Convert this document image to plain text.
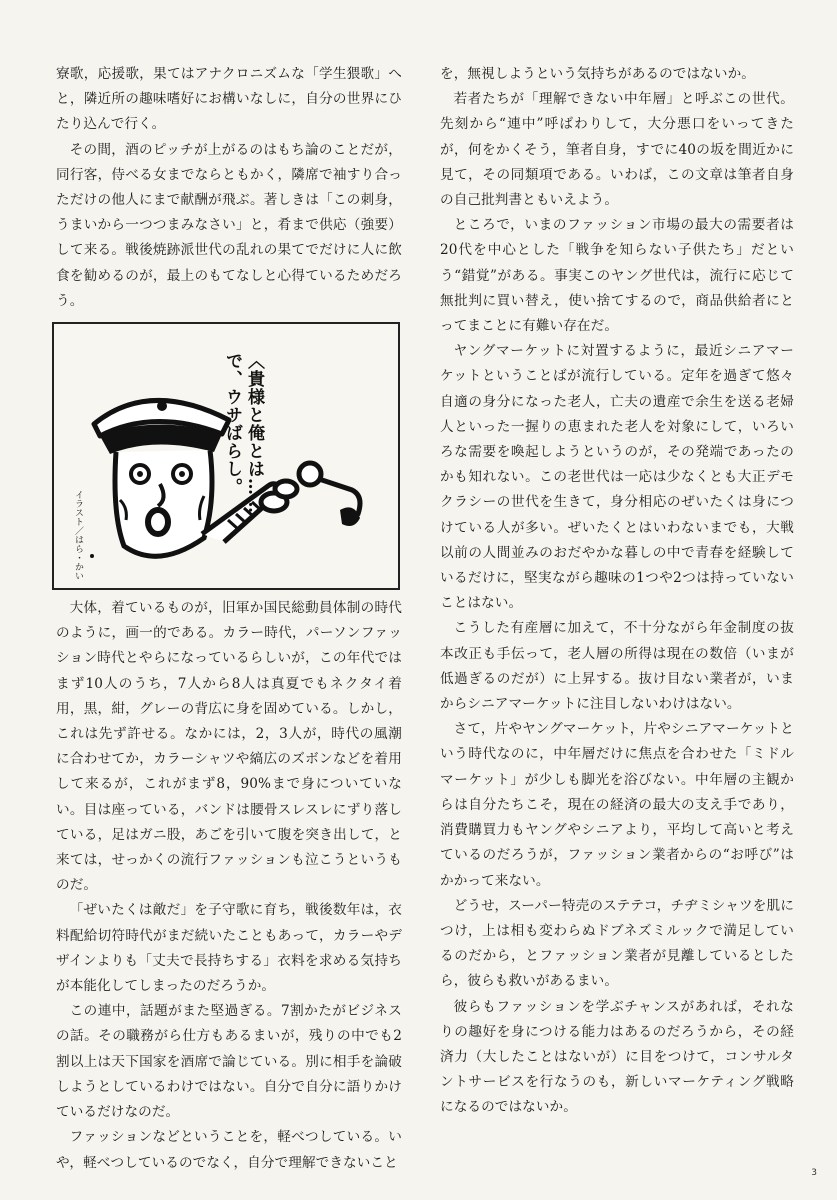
寮歌，応援歌，果てはアナクロニズムな「学生猥歌」へと，隣近所の趣味嗜好にお構いなしに，自分の世界にひたり込んで行く。

その間，酒のピッチが上がるのはもち論のことだが，同行客，侍べる女までならともかく，隣席で袖すり合っただけの他人にまで献酬が飛ぶ。著しきは「この刺身，うまいから一つつまみなさい」と，肴まで供応（強要）して来る。戦後焼跡派世代の乱れの果てでだけに人に飲食を勧めるのが，最上のもてなしと心得ているためだろう。

〈貴様と俺とは……
で、ウサばらし。
イラスト／はら・かい

大体，着ているものが，旧軍か国民総動員体制の時代のように，画一的である。カラー時代，パーソンファッション時代とやらになっているらしいが，この年代ではまず10人のうち，7人から8人は真夏でもネクタイ着用，黒，紺，グレーの背広に身を固めている。しかし，これは先ず許せる。なかには，2，3人が，時代の風潮に合わせてか，カラーシャツや縞広のズボンなどを着用して来るが，これがまず8，90%まで身についていない。目は座っている，バンドは腰骨スレスレにずり落している，足はガニ股，あごを引いて腹を突き出して，と来ては，せっかくの流行ファッションも泣こうというものだ。

「ぜいたくは敵だ」を子守歌に育ち，戦後数年は，衣料配給切符時代がまだ続いたこともあって，カラーやデザインよりも「丈夫で長持ちする」衣料を求める気持ちが本能化してしまったのだろうか。

この連中，話題がまた堅過ぎる。7割かたがビジネスの話。その職務がら仕方もあるまいが，残りの中でも2割以上は天下国家を酒席で論じている。別に相手を論破しようとしているわけではない。自分で自分に語りかけているだけなのだ。

ファッションなどということを，軽べつしている。いや，軽べつしているのでなく，自分で理解できないこと

を，無視しようという気持ちがあるのではないか。

若者たちが「理解できない中年層」と呼ぶこの世代。先刻から“連中”呼ばわりして，大分悪口をいってきたが，何をかくそう，筆者自身，すでに40の坂を間近かに見て，その同類項である。いわば，この文章は筆者自身の自己批判書ともいえよう。

ところで，いまのファッション市場の最大の需要者は20代を中心とした「戦争を知らない子供たち」だという“錯覚”がある。事実このヤング世代は，流行に応じて無批判に買い替え，使い捨てするので，商品供給者にとってまことに有難い存在だ。

ヤングマーケットに対置するように，最近シニアマーケットということばが流行している。定年を過ぎて悠々自適の身分になった老人，亡夫の遺産で余生を送る老婦人といった一握りの恵まれた老人を対象にして，いろいろな需要を喚起しようというのが，その発端であったのかも知れない。この老世代は一応は少なくとも大正デモクラシーの世代を生きて，身分相応のぜいたくは身につけている人が多い。ぜいたくとはいわないまでも，大戦以前の人間並みのおだやかな暮しの中で青春を経験しているだけに，堅実ながら趣味の1つや2つは持っていないことはない。

こうした有産層に加えて，不十分ながら年金制度の抜本改正も手伝って，老人層の所得は現在の数倍（いまが低過ぎるのだが）に上昇する。抜け目ない業者が，いまからシニアマーケットに注目しないわけはない。

さて，片やヤングマーケット，片やシニアマーケットという時代なのに，中年層だけに焦点を合わせた「ミドルマーケット」が少しも脚光を浴びない。中年層の主観からは自分たちこそ，現在の経済の最大の支え手であり，消費購買力もヤングやシニアより，平均して高いと考えているのだろうが，ファッション業者からの“お呼び”はかかって来ない。

どうせ，スーパー特売のステテコ，チヂミシャツを肌につけ，上は相も変わらぬドブネズミルックで満足しているのだから，とファッション業者が見離しているとしたら，彼らも救いがあるまい。

彼らもファッションを学ぶチャンスがあれば，それなりの趣好を身につける能力はあるのだろうから，その経済力（大したことはないが）に目をつけて，コンサルタントサービスを行なうのも，新しいマーケティング戦略になるのではないか。

3
